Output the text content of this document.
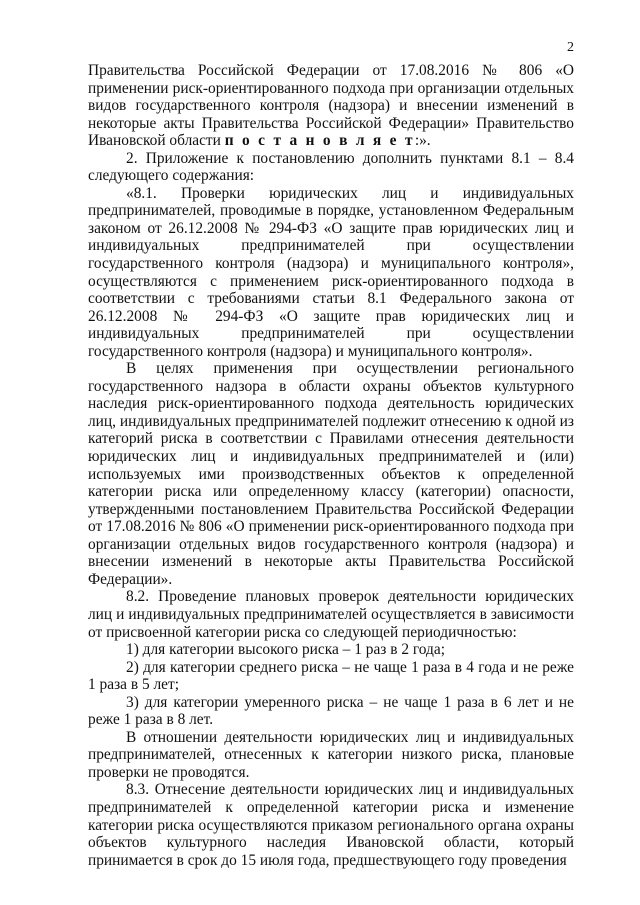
2

Правительства Российской Федерации от 17.08.2016 № 806 «О применении риск-ориентированного подхода при организации отдельных видов государственного контроля (надзора) и внесении изменений в некоторые акты Правительства Российской Федерации» Правительство Ивановской области п о с т а н о в л я е т:».

2. Приложение к постановлению дополнить пунктами 8.1 – 8.4 следующего содержания:

«8.1. Проверки юридических лиц и индивидуальных предпринимателей, проводимые в порядке, установленном Федеральным законом от 26.12.2008 № 294-ФЗ «О защите прав юридических лиц и индивидуальных предпринимателей при осуществлении государственного контроля (надзора) и муниципального контроля», осуществляются с применением риск-ориентированного подхода в соответствии с требованиями статьи 8.1 Федерального закона от 26.12.2008 № 294-ФЗ «О защите прав юридических лиц и индивидуальных предпринимателей при осуществлении государственного контроля (надзора) и муниципального контроля».

В целях применения при осуществлении регионального государственного надзора в области охраны объектов культурного наследия риск-ориентированного подхода деятельность юридических лиц, индивидуальных предпринимателей подлежит отнесению к одной из категорий риска в соответствии с Правилами отнесения деятельности юридических лиц и индивидуальных предпринимателей и (или) используемых ими производственных объектов к определенной категории риска или определенному классу (категории) опасности, утвержденными постановлением Правительства Российской Федерации от 17.08.2016 № 806 «О применении риск-ориентированного подхода при организации отдельных видов государственного контроля (надзора) и внесении изменений в некоторые акты Правительства Российской Федерации».

8.2. Проведение плановых проверок деятельности юридических лиц и индивидуальных предпринимателей осуществляется в зависимости от присвоенной категории риска со следующей периодичностью:

1) для категории высокого риска – 1 раз в 2 года;

2) для категории среднего риска – не чаще 1 раза в 4 года и не реже 1 раза в 5 лет;

3) для категории умеренного риска – не чаще 1 раза в 6 лет и не реже 1 раза в 8 лет.

В отношении деятельности юридических лиц и индивидуальных предпринимателей, отнесенных к категории низкого риска, плановые проверки не проводятся.

8.3. Отнесение деятельности юридических лиц и индивидуальных предпринимателей к определенной категории риска и изменение категории риска осуществляются приказом регионального органа охраны объектов культурного наследия Ивановской области, который принимается в срок до 15 июля года, предшествующего году проведения
